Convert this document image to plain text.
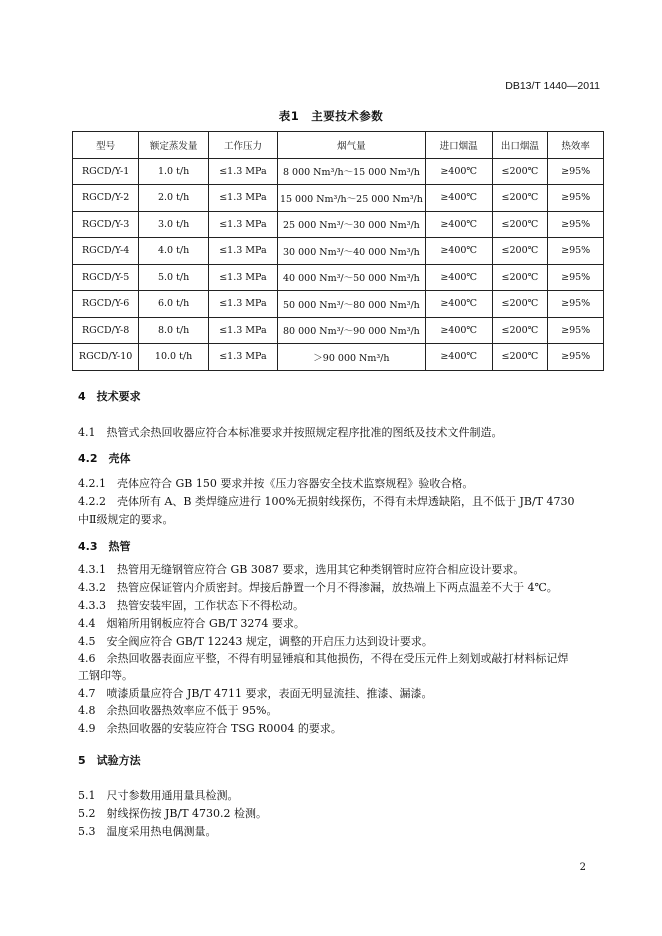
DB13/T 1440—2011
表1　主要技术参数
型号	额定蒸发量	工作压力	烟气量	进口烟温	出口烟温	热效率
RGCD/Y-1	1.0 t/h	≤1.3 MPa	8 000 Nm³/h～15 000 Nm³/h	≥400℃	≤200℃	≥95%
RGCD/Y-2	2.0 t/h	≤1.3 MPa	15 000 Nm³/h～25 000 Nm³/h	≥400℃	≤200℃	≥95%
RGCD/Y-3	3.0 t/h	≤1.3 MPa	25 000 Nm³/～30 000 Nm³/h	≥400℃	≤200℃	≥95%
RGCD/Y-4	4.0 t/h	≤1.3 MPa	30 000 Nm³/～40 000 Nm³/h	≥400℃	≤200℃	≥95%
RGCD/Y-5	5.0 t/h	≤1.3 MPa	40 000 Nm³/～50 000 Nm³/h	≥400℃	≤200℃	≥95%
RGCD/Y-6	6.0 t/h	≤1.3 MPa	50 000 Nm³/～80 000 Nm³/h	≥400℃	≤200℃	≥95%
RGCD/Y-8	8.0 t/h	≤1.3 MPa	80 000 Nm³/～90 000 Nm³/h	≥400℃	≤200℃	≥95%
RGCD/Y-10	10.0 t/h	≤1.3 MPa	＞90 000 Nm³/h	≥400℃	≤200℃	≥95%
4　技术要求
4.1　热管式余热回收器应符合本标准要求并按照规定程序批准的图纸及技术文件制造。
4.2　壳体
4.2.1　壳体应符合 GB 150 要求并按《压力容器安全技术监察规程》验收合格。
4.2.2　壳体所有 A、B 类焊缝应进行 100%无损射线探伤，不得有未焊透缺陷，且不低于 JB/T 4730
中Ⅱ级规定的要求。
4.3　热管
4.3.1　热管用无缝钢管应符合 GB 3087 要求，选用其它种类钢管时应符合相应设计要求。
4.3.2　热管应保证管内介质密封。焊接后静置一个月不得渗漏，放热端上下两点温差不大于 4℃。
4.3.3　热管安装牢固，工作状态下不得松动。
4.4　烟箱所用钢板应符合 GB/T 3274 要求。
4.5　安全阀应符合 GB/T 12243 规定，调整的开启压力达到设计要求。
4.6　余热回收器表面应平整，不得有明显锤痕和其他损伤，不得在受压元件上刻划或敲打材料标记焊
工钢印等。
4.7　喷漆质量应符合 JB/T 4711 要求，表面无明显流挂、推漆、漏漆。
4.8　余热回收器热效率应不低于 95%。
4.9　余热回收器的安装应符合 TSG R0004 的要求。
5　试验方法
5.1　尺寸参数用通用量具检测。
5.2　射线探伤按 JB/T 4730.2 检测。
5.3　温度采用热电偶测量。
2
